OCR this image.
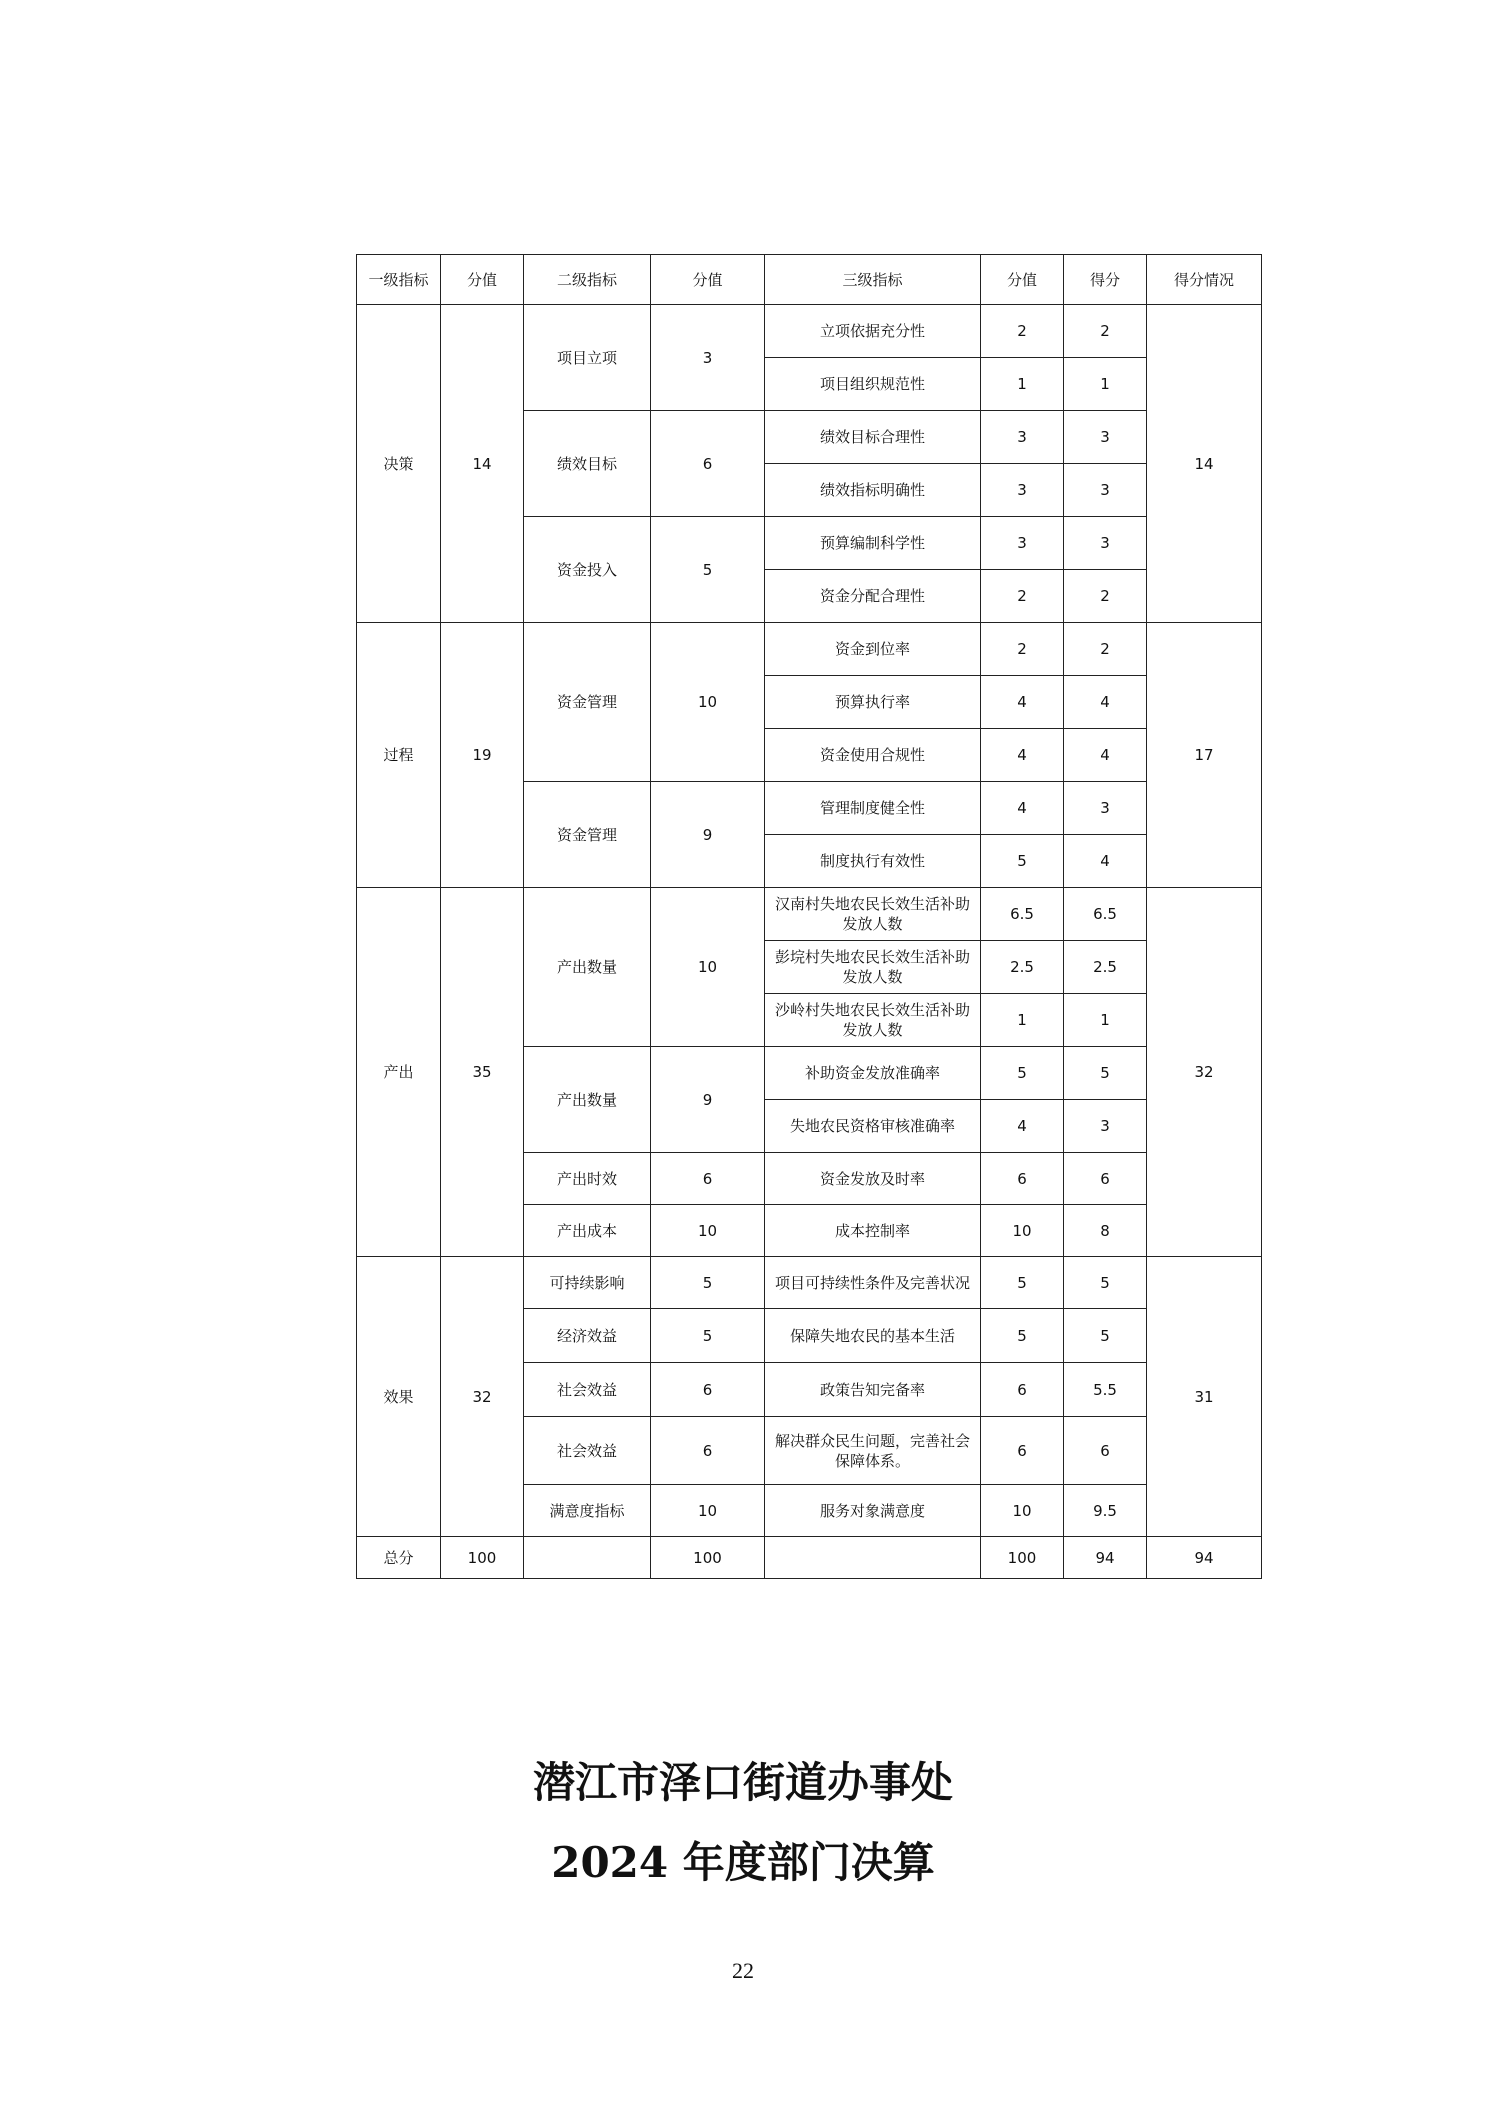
一级指标	分值	二级指标	分值	三级指标	分值	得分	得分情况
决策	14	项目立项	3	立项依据充分性	2	2	14
				项目组织规范性	1	1	
		绩效目标	6	绩效目标合理性	3	3	
				绩效指标明确性	3	3	
		资金投入	5	预算编制科学性	3	3	
				资金分配合理性	2	2	
过程	19	资金管理	10	资金到位率	2	2	17
				预算执行率	4	4	
				资金使用合规性	4	4	
		资金管理	9	管理制度健全性	4	3	
				制度执行有效性	5	4	
产出	35	产出数量	10	汉南村失地农民长效生活补助发放人数	6.5	6.5	32
				彭垸村失地农民长效生活补助发放人数	2.5	2.5	
				沙岭村失地农民长效生活补助发放人数	1	1	
		产出数量	9	补助资金发放准确率	5	5	
				失地农民资格审核准确率	4	3	
		产出时效	6	资金发放及时率	6	6	
		产出成本	10	成本控制率	10	8	
效果	32	可持续影响	5	项目可持续性条件及完善状况	5	5	31
		经济效益	5	保障失地农民的基本生活	5	5	
		社会效益	6	政策告知完备率	6	5.5	
		社会效益	6	解决群众民生问题，完善社会保障体系。	6	6	
		满意度指标	10	服务对象满意度	10	9.5	
总分	100		100		100	94	94
潜江市泽口街道办事处
2024 年度部门决算
22
